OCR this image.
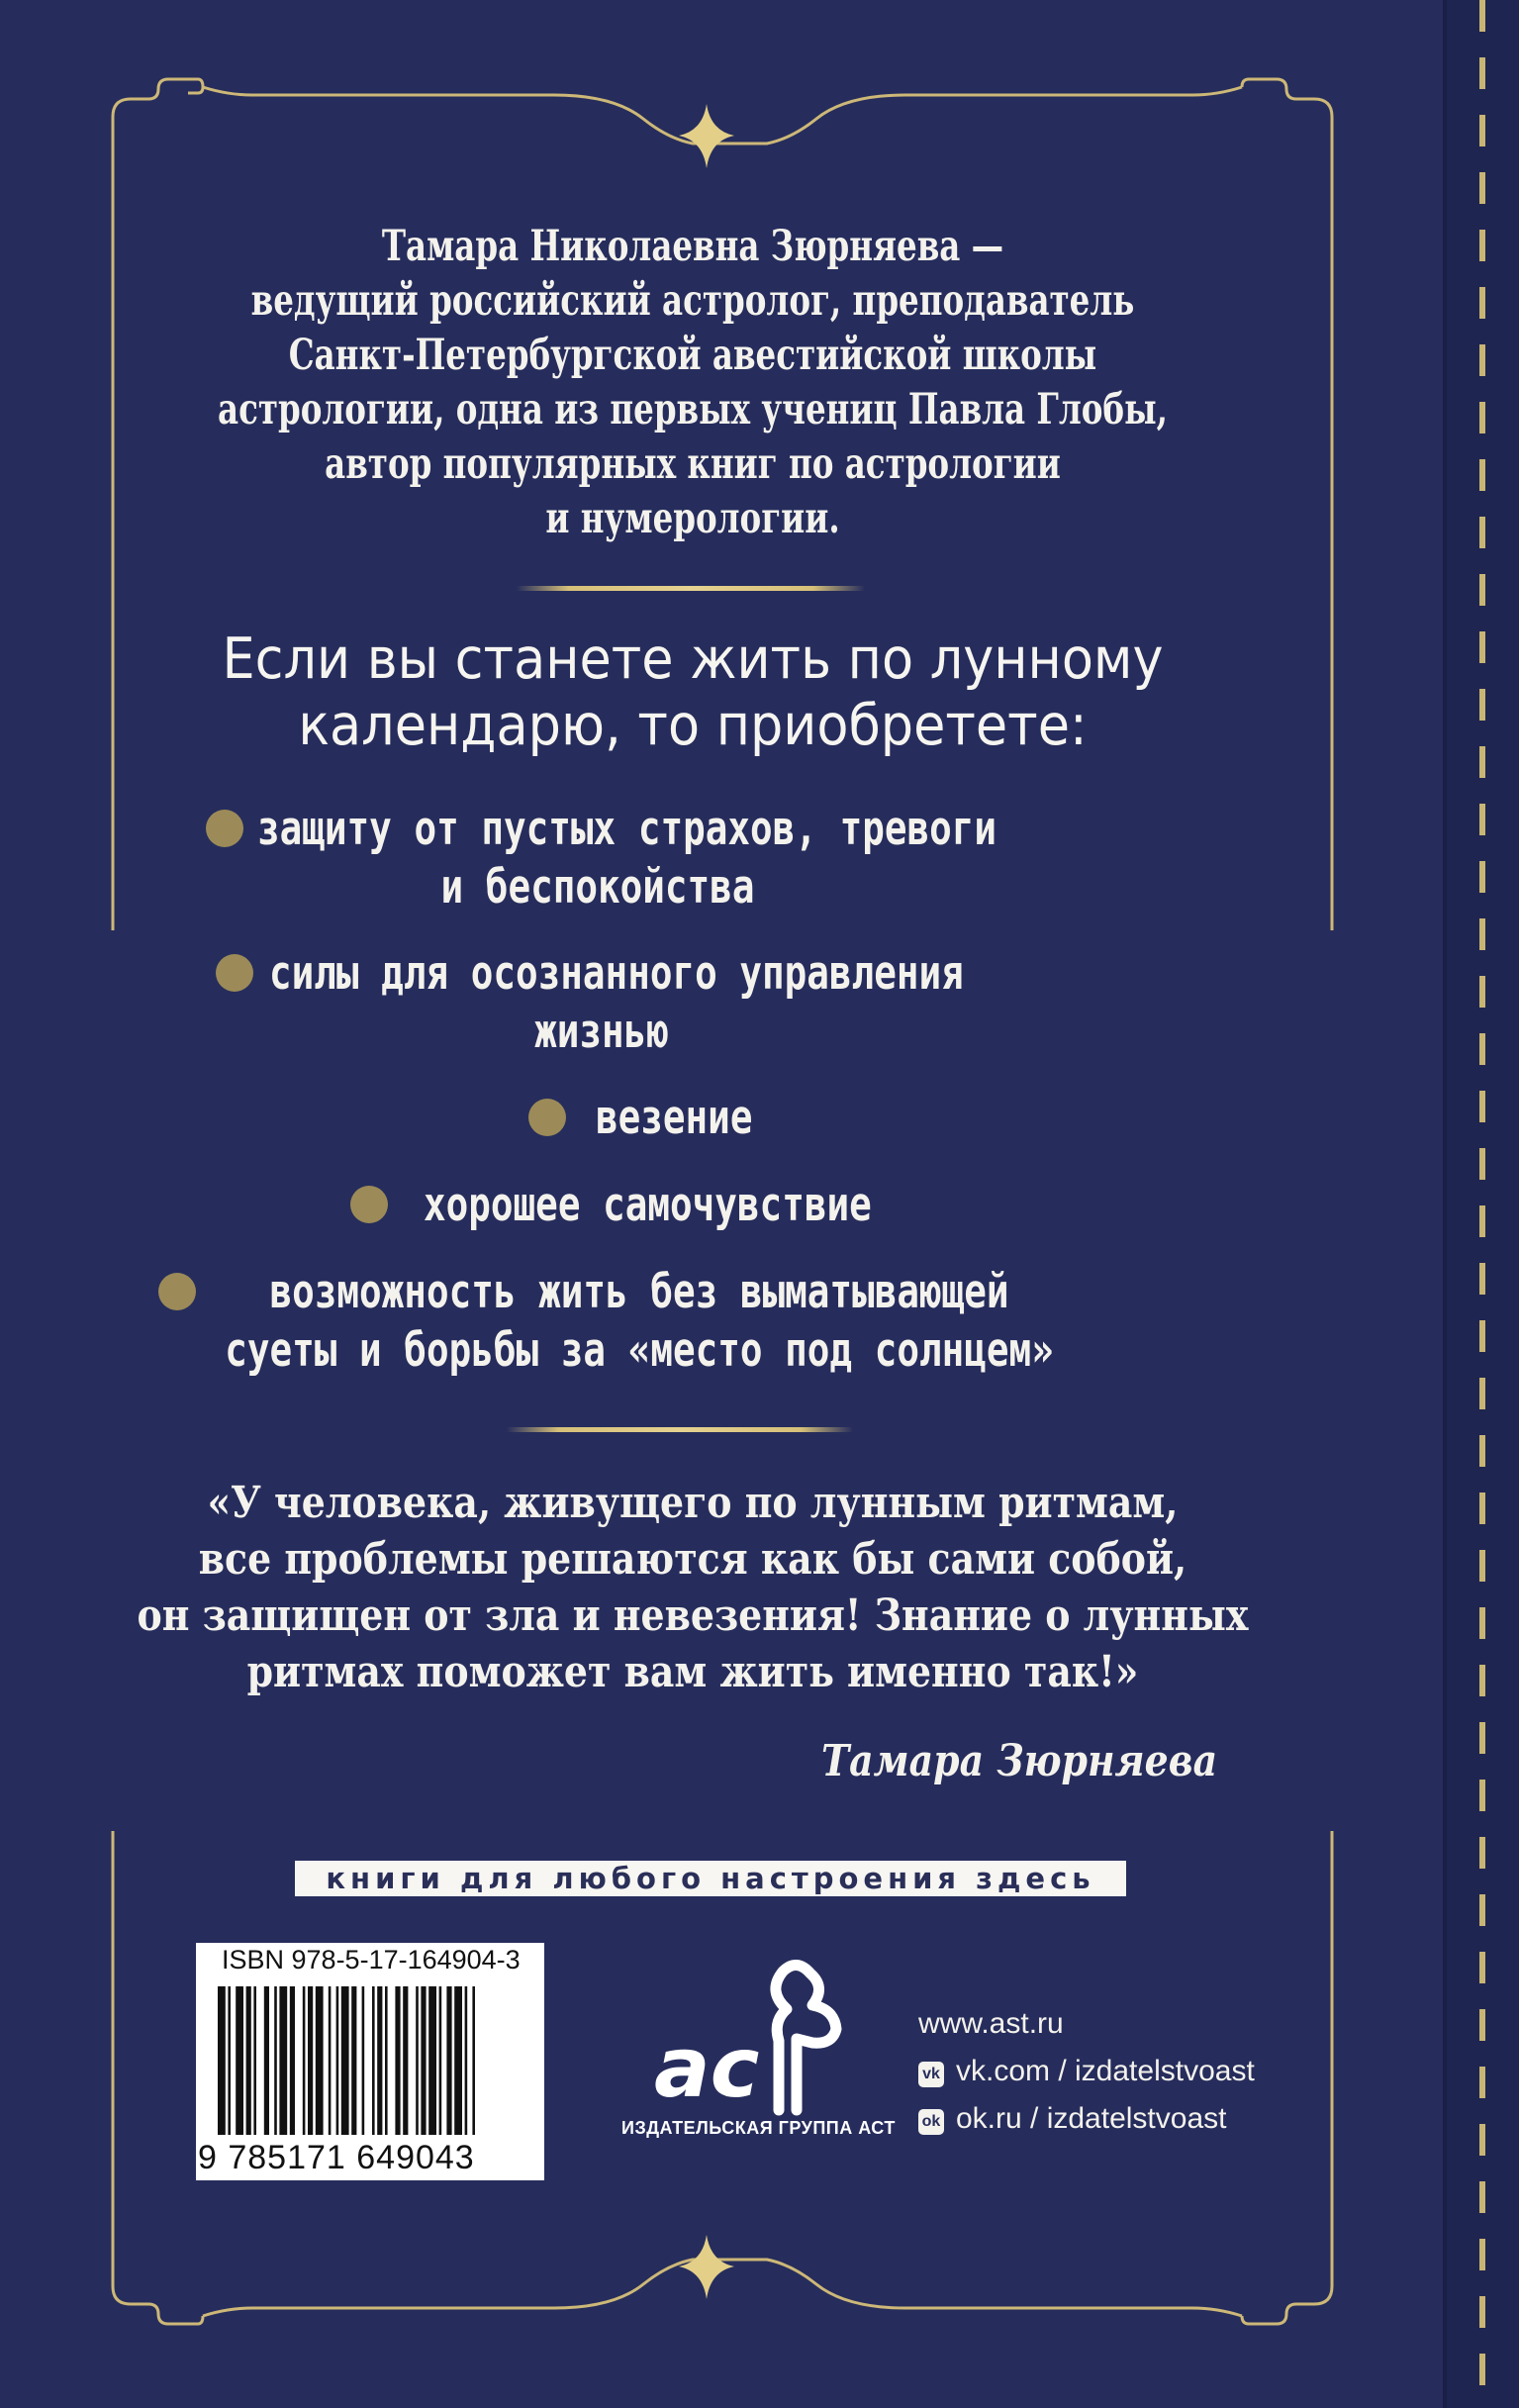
Тамара Николаевна Зюрняева —
ведущий российский астролог, преподаватель
Санкт-Петербургской авестийской школы
астрологии, одна из первых учениц Павла Глобы,
автор популярных книг по астрологии
и нумерологии.
Если вы станете жить по лунному
календарю, то приобретете:
защиту от пустых страхов, тревоги
и беспокойства
силы для осознанного управления
жизнью
везение
хорошее самочувствие
возможность жить без выматывающей
суеты и борьбы за «место под солнцем»
«У человека, живущего по лунным ритмам,
все проблемы решаются как бы сами собой,
он защищен от зла и невезения! Знание о лунных
ритмах поможет вам жить именно так!»
Тамара Зюрняева
книги для любого настроения здесь
ISBN 978-5-17-164904-3
9 785171 649043
ac
ИЗДАТЕЛЬСКАЯ ГРУППА АСТ
www.ast.ru
vk vk.com / izdatelstvoast
ok ok.ru / izdatelstvoast
